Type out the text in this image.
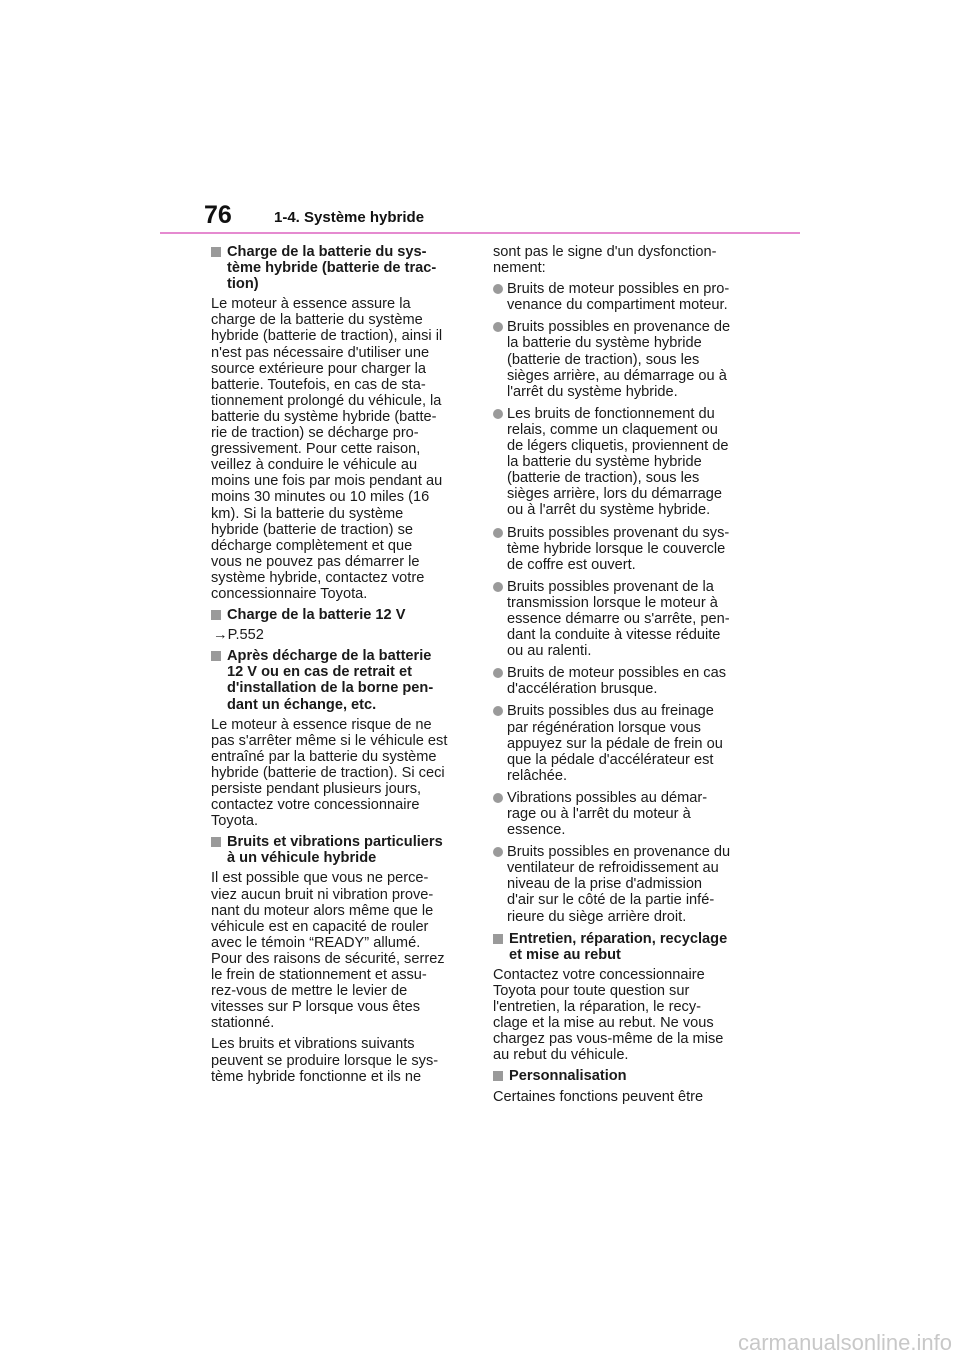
76	1-4. Système hybride
Charge de la batterie du sys-
tème hybride (batterie de trac-
tion)
Le moteur à essence assure la
charge de la batterie du système
hybride (batterie de traction), ainsi il
n'est pas nécessaire d'utiliser une
source extérieure pour charger la
batterie. Toutefois, en cas de sta-
tionnement prolongé du véhicule, la
batterie du système hybride (batte-
rie de traction) se décharge pro-
gressivement. Pour cette raison,
veillez à conduire le véhicule au
moins une fois par mois pendant au
moins 30 minutes ou 10 miles (16
km). Si la batterie du système
hybride (batterie de traction) se
décharge complètement et que
vous ne pouvez pas démarrer le
système hybride, contactez votre
concessionnaire Toyota.
Charge de la batterie 12 V
→P.552
Après décharge de la batterie
12 V ou en cas de retrait et
d'installation de la borne pen-
dant un échange, etc.
Le moteur à essence risque de ne
pas s'arrêter même si le véhicule est
entraîné par la batterie du système
hybride (batterie de traction). Si ceci
persiste pendant plusieurs jours,
contactez votre concessionnaire
Toyota.
Bruits et vibrations particuliers
à un véhicule hybride
Il est possible que vous ne perce-
viez aucun bruit ni vibration prove-
nant du moteur alors même que le
véhicule est en capacité de rouler
avec le témoin “READY” allumé.
Pour des raisons de sécurité, serrez
le frein de stationnement et assu-
rez-vous de mettre le levier de
vitesses sur P lorsque vous êtes
stationné.
Les bruits et vibrations suivants
peuvent se produire lorsque le sys-
tème hybride fonctionne et ils ne
sont pas le signe d'un dysfonction-
nement:
Bruits de moteur possibles en pro-
venance du compartiment moteur.
Bruits possibles en provenance de
la batterie du système hybride
(batterie de traction), sous les
sièges arrière, au démarrage ou à
l'arrêt du système hybride.
Les bruits de fonctionnement du
relais, comme un claquement ou
de légers cliquetis, proviennent de
la batterie du système hybride
(batterie de traction), sous les
sièges arrière, lors du démarrage
ou à l'arrêt du système hybride.
Bruits possibles provenant du sys-
tème hybride lorsque le couvercle
de coffre est ouvert.
Bruits possibles provenant de la
transmission lorsque le moteur à
essence démarre ou s'arrête, pen-
dant la conduite à vitesse réduite
ou au ralenti.
Bruits de moteur possibles en cas
d'accélération brusque.
Bruits possibles dus au freinage
par régénération lorsque vous
appuyez sur la pédale de frein ou
que la pédale d'accélérateur est
relâchée.
Vibrations possibles au démar-
rage ou à l'arrêt du moteur à
essence.
Bruits possibles en provenance du
ventilateur de refroidissement au
niveau de la prise d'admission
d'air sur le côté de la partie infé-
rieure du siège arrière droit.
Entretien, réparation, recyclage
et mise au rebut
Contactez votre concessionnaire
Toyota pour toute question sur
l'entretien, la réparation, le recy-
clage et la mise au rebut. Ne vous
chargez pas vous-même de la mise
au rebut du véhicule.
Personnalisation
Certaines fonctions peuvent être
carmanualsonline.info
